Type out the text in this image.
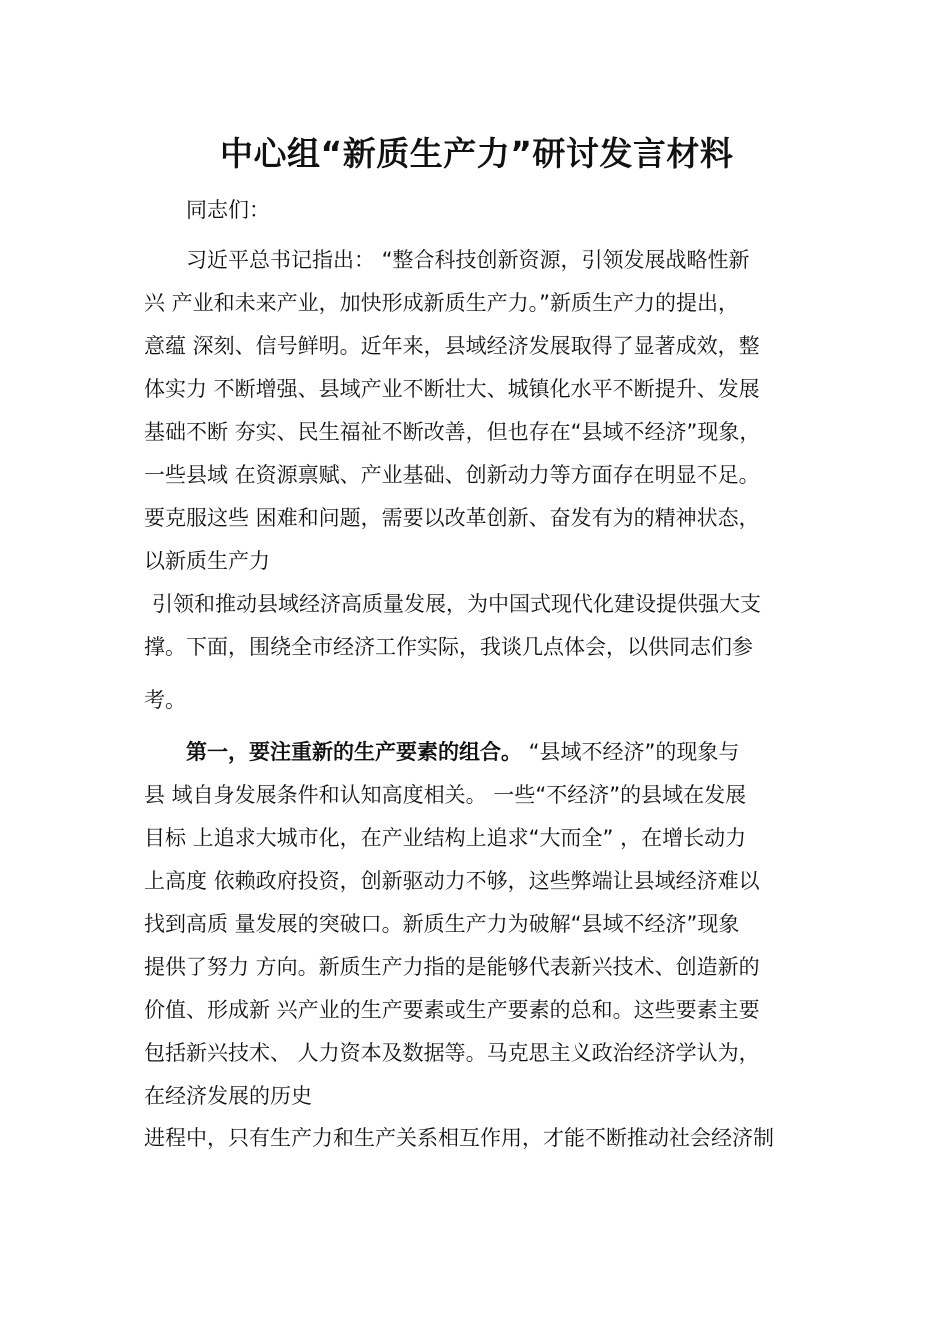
中心组“新质生产力”研讨发言材料
同志们：
习近平总书记指出： “整合科技创新资源，引领发展战略性新
兴 产业和未来产业，加快形成新质生产力。”新质生产力的提出，
意蕴 深刻、信号鲜明。近年来，县域经济发展取得了显著成效，整
体实力 不断增强、县域产业不断壮大、城镇化水平不断提升、发展
基础不断 夯实、民生福祉不断改善，但也存在“县域不经济”现象，
一些县域 在资源禀赋、产业基础、创新动力等方面存在明显不足。
要克服这些 困难和问题，需要以改革创新、奋发有为的精神状态，
以新质生产力
引领和推动县域经济高质量发展，为中国式现代化建设提供强大支
撑。下面，围绕全市经济工作实际，我谈几点体会，以供同志们参
考。
第一，要注重新的生产要素的组合。 “县域不经济”的现象与
县 域自身发展条件和认知高度相关。 一些“不经济”的县域在发展
目标 上追求大城市化，在产业结构上追求“大而全” ，在增长动力
上高度 依赖政府投资，创新驱动力不够，这些弊端让县域经济难以
找到高质 量发展的突破口。新质生产力为破解“县域不经济”现象
提供了努力 方向。新质生产力指的是能够代表新兴技术、创造新的
价值、形成新 兴产业的生产要素或生产要素的总和。这些要素主要
包括新兴技术、 人力资本及数据等。马克思主义政治经济学认为，
在经济发展的历史
进程中，只有生产力和生产关系相互作用，才能不断推动社会经济制
